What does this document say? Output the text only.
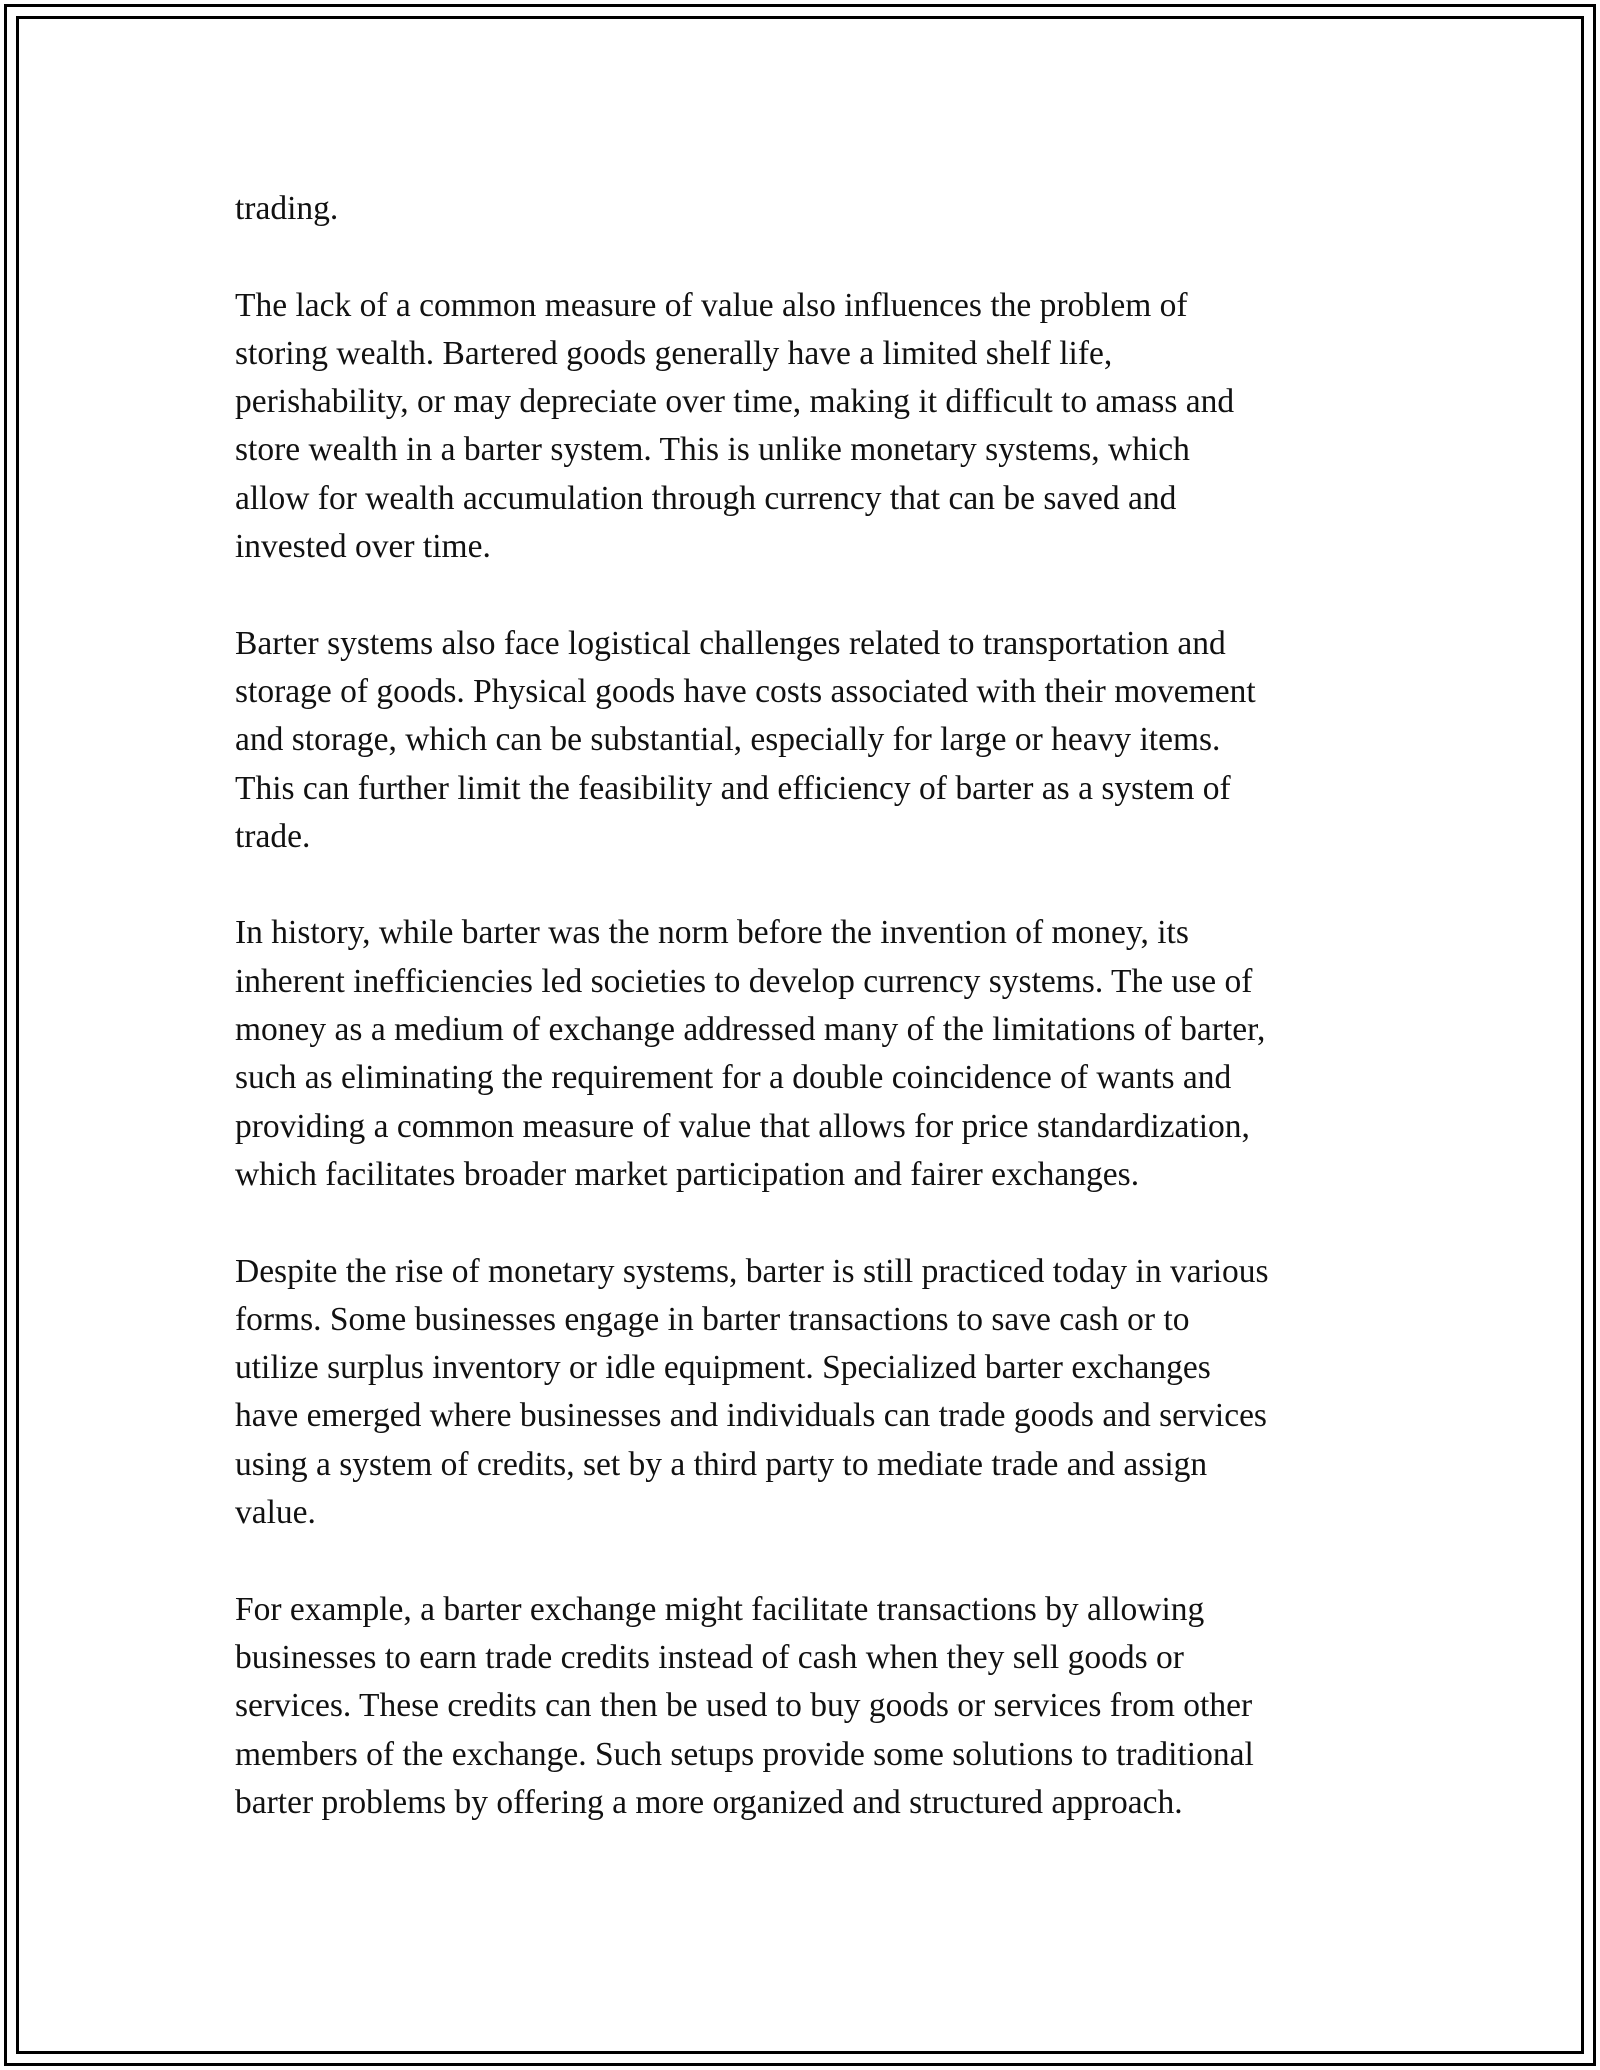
trading.

The lack of a common measure of value also influences the problem of
storing wealth. Bartered goods generally have a limited shelf life,
perishability, or may depreciate over time, making it difficult to amass and
store wealth in a barter system. This is unlike monetary systems, which
allow for wealth accumulation through currency that can be saved and
invested over time.

Barter systems also face logistical challenges related to transportation and
storage of goods. Physical goods have costs associated with their movement
and storage, which can be substantial, especially for large or heavy items.
This can further limit the feasibility and efficiency of barter as a system of
trade.

In history, while barter was the norm before the invention of money, its
inherent inefficiencies led societies to develop currency systems. The use of
money as a medium of exchange addressed many of the limitations of barter,
such as eliminating the requirement for a double coincidence of wants and
providing a common measure of value that allows for price standardization,
which facilitates broader market participation and fairer exchanges.

Despite the rise of monetary systems, barter is still practiced today in various
forms. Some businesses engage in barter transactions to save cash or to
utilize surplus inventory or idle equipment. Specialized barter exchanges
have emerged where businesses and individuals can trade goods and services
using a system of credits, set by a third party to mediate trade and assign
value.

For example, a barter exchange might facilitate transactions by allowing
businesses to earn trade credits instead of cash when they sell goods or
services. These credits can then be used to buy goods or services from other
members of the exchange. Such setups provide some solutions to traditional
barter problems by offering a more organized and structured approach.
